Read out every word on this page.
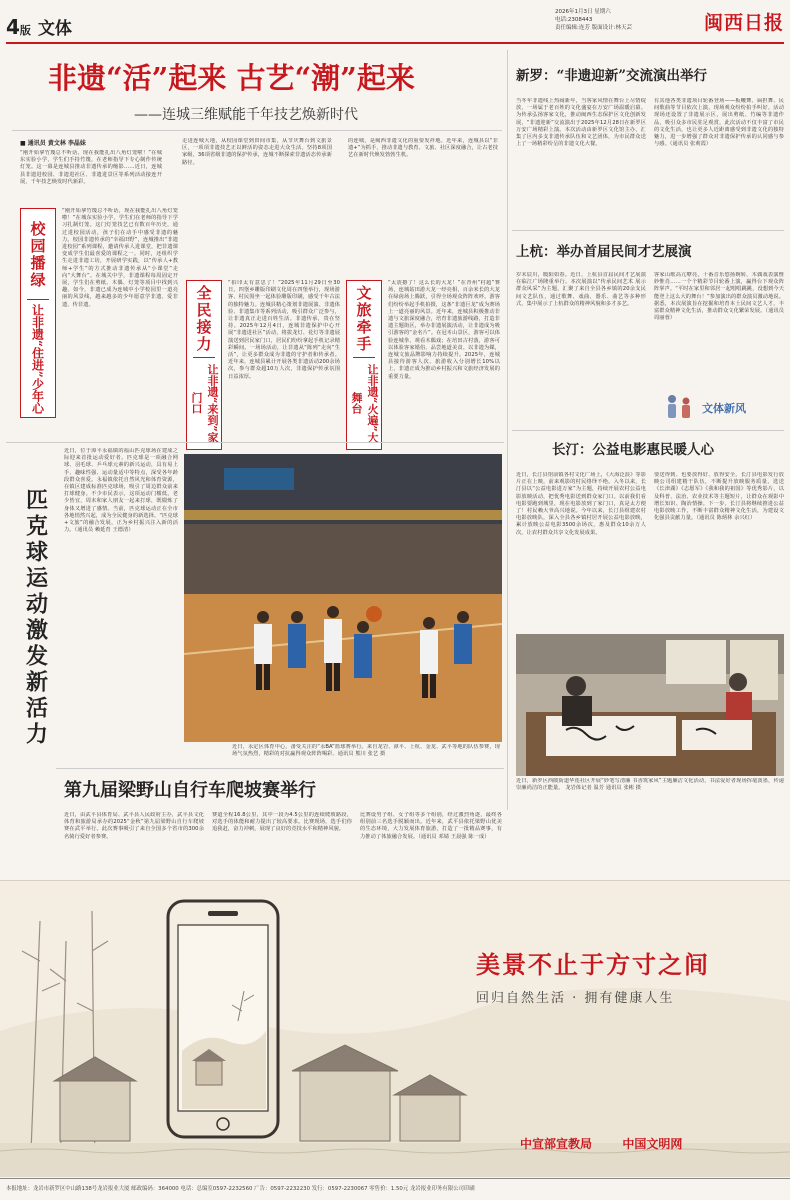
4版 文体
2026年1月3日 星期六
电话:2308443
责任编辑:连芳 版面设计:林天芸	闽西日报
非遗“活”起来 古艺“潮”起来
——连城三维赋能千年技艺焕新时代
■ 通讯员 黄文林 李晶妹
“刚开始拿竹篾总不听话，现在我能扎出八角灯笼啦！”在城东实验小学，学生们手持竹篾，在老师指导下专心制作传统灯笼。这一幕是连城县推动非遗传承的缩影……近日，连城县非遗进校园、非遗进社区、非遗进景区等系列活动接连开展，千年技艺焕发时代新彩。
走进连城大地，从校园课堂到田间市集，从节庆舞台到文旅景区，一项项非遗技艺正以鲜活的姿态走进大众生活。坚持8项国家级、36项省级非遗的保护传承，连城不断探索非遗活态传承新路径。
的连城，是闽西非遗文化的重要发祥地。近年来，连城县以“非遗+”为抓手，推动非遗与教育、文旅、社区深度融合，让古老技艺在新时代焕发勃勃生机。
校园播绿
让非遗“住进”少年心
“刚开始拿竹篾总不听话，现在我能扎出八角灯笼啦！”在城东实验小学，学生们在老师的指导下学习扎制灯笼。这门灯笼技艺已有数百年历史，通过进校园活动，孩子们在动手中感受非遗的魅力。校园非遗传承的“幸福田野”，连城推出“非遗进校园”系列课程，邀请传承人进课堂，把非遗课变成学生们最喜爱的课程之一。同时，还组织学生走进非遗工坊，开展研学实践，以“传承人+教师+学生”的方式推动非遗传承从“小课堂”走向“大舞台”。在城关中学，非遗课程每周固定开展，学生们在剪纸、木偶、灯笼等项目中找到兴趣。如今，非遗已成为连城中小学校园里一道亮丽的风景线，越来越多的少年愿意学非遗、爱非遗、传非遗。	全民接力
让非遗“来到”家门口
“拍印太有意思了！”2025年11月29日至30日，四堡乡雕版印刷文化周在四堡举行，现场游客、村民围坐一起体验雕版印刷，感受千年古法的独特魅力。连城县精心策划非遗展演、非遗体验、非遗集市等系列活动，吸引群众广泛参与，让非遗真正走进百姓生活。非遗传承，贵在坚持。2025年12月4日，连城非遗保护中心开展“非遗进社区”活动，将拔龙灯、花灯等非遗展演送到居民家门口，居民们纷纷拿起手机记录精彩瞬间。一场场活动，让非遗从“陈列”走向“生活”，让更多群众成为非遗的守护者和传承者。近年来，连城县累计开展各类非遗活动200余场次，参与群众超10万人次，非遗保护传承氛围日益浓厚。
文旅牵手
让非遗“火遍”大舞台
“太震撼了！这么长的大龙！”在青州“村超”赛场，连城姑田游大龙一经亮相，百余米长的大龙在绿茵场上腾跃，引得全场观众阵阵欢呼。游客们纷纷举起手机拍摄，这条“非遗巨龙”成为赛场上一道亮丽的风景。近年来，连城县积极推动非遗与文旅深度融合，培育非遗旅游线路，打造非遗主题街区，举办非遗展演活动，让非遗成为吸引游客的“金名片”。在冠豸山景区，游客可以体验连城拳、观看木偶戏；在培田古村落，游客可以体验客家婚俗、品尝地道美食。以非遗为媒，连城文旅品牌影响力持续提升。2025年，连城县接待游客人次、旅游收入分别增长10%以上，非遗正成为推动乡村振兴和文旅经济发展的重要力量。
新罗：“非遗迎新”交流演出举行
当冬年非遗线上热闹新年，当客家风情在舞台上尽情绽放，一场属于老百姓的文化盛宴在万安广场温暖启幕。为传承弘扬客家文化，推动闽西生态保护区文化创新发展，“非遗迎新”交流演出于2025年12月28日在新罗区万安广场精彩上演。本次活动由新罗区文化馆主办，汇集了区内多支非遗传承队伍和文艺团体，为市民群众送上了一场精彩纷呈的非遗文化大餐。
有其他各类非遗项目轮番登场——板鞭舞、扁担舞、民间歌曲等节目依次上演，现场观众纷纷拍手叫好。活动现场还设置了非遗展示区，展出剪纸、竹编等非遗作品，吸引众多市民驻足观赏。此次活动不仅丰富了市民的文化生活，也让更多人近距离感受到非遗文化的独特魅力，进一步增强了群众对非遗保护传承的认同感与参与感。（通讯员 张莉霞）
上杭：举办首届民间才艺展演
岁末辰川，暖阳如春。近日，上杭县首届民间才艺展演在临江广场隆重举行。本次展演以“传承民间艺术 展示群众风采”为主题，汇聚了来自全县各乡镇的20余支民间文艺队伍，通过歌舞、戏曲、器乐、曲艺等多种形式，集中展示了上杭群众的精神风貌和多才多艺。
客家山歌高亢嘹亮，十番音乐悠扬婉转，木偶戏表演惟妙惟肖……一个个精彩节目轮番上演，赢得台下观众阵阵掌声。“平时在家里和邻居一起唱唱跳跳，没想到今天能登上这么大的舞台！”参加演出的群众演员激动地说。据悉，本次展演旨在挖掘和培育本土民间文艺人才，丰富群众精神文化生活，推动群众文化繁荣发展。（通讯员 周丽蓉）
文体新风
长汀：公益电影惠民暖人心
近日，长汀县馆前镇各村文化广场上，《大海泛浪》等影片正在上映，前来观影的村民络绎不绝。入冬以来，长汀县以“公益电影进万家”为主题，持续开展农村公益电影放映活动，把优秀电影送到群众家门口。以前我们看电影要跑到城里，现在电影放到了家门口，真是太方便了！村民赖大爷高兴地说。今年以来，长汀县组建农村电影放映队，深入全县各乡镇村居开展公益电影放映，累计放映公益电影3500余场次，惠及群众10余万人次，让农村群众共享文化发展成果。
要送得到、也要放得好、放得安全。长汀县电影发行放映公司组建精干队伍，不断提升放映服务质量，选送《长津湖》《志愿军》《我和我的祖国》等优秀影片，以及科普、法治、农业技术等主题短片，让群众在观影中增长知识、陶冶情操。下一步，长汀县将继续推进公益电影放映工作，不断丰富群众精神文化生活，为建设文化强县贡献力量。（通讯员 陈炳林 余兴红）
近日，新罗区西陂街道华莲社区开展“妙笔写清廉 书香筑家风”主题廉洁文化活动，书法爱好者现场挥毫泼墨，传递崇廉尚洁的正能量。 龙岩体记者 温芳 通讯员 张彬 摄
匹克球运动激发新活力
近日，位于漳平永福镇的福山匹克球场在建成之际迎来首批运动爱好者。匹克球是一项融合网球、羽毛球、乒乓球元素的新兴运动，具有易上手、趣味性强、运动量适中等特点，深受各年龄段群众喜爱。永福镇依托自然风光和体育资源，在镇区建成标准匹克球场，吸引了周边群众前来打球健身。不少市民表示，这项运动门槛低，老少皆宜，周末和家人朋友一起来打球，既锻炼了身体又增进了感情。当前，匹克球运动正在全市各地悄然兴起，成为全民健身的新选择。“匹克球+文旅”的融合发展，正为乡村振兴注入新的活力。（通讯员 赖延育 王德清）
近日，永定区体育中心，备受关注的“永BA”篮球赛举行。来自龙岩、漳平、上杭、金龙、武平等地的队伍参赛，现场气氛热烈，精彩的对抗赢得观众阵阵喝彩。通讯员 熊川 张艺 摄
第九届梁野山自行车爬坡赛举行
近日，由武平县体育局、武平县人民政府主办，武平县文化体育和旅游局承办的2025“金秋”第九届梁野山自行车爬坡赛在武平举行。此次赛事吸引了来自全国多个省市的300余名骑行爱好者参赛。
赛道全程16.8公里，其中一段为4.5公里的连续爬坡路段，对选手的体能和耐力提出了较高要求。比赛现场，选手们你追我赶，奋力冲刺，展现了良好的竞技水平和精神风貌。
比赛设男子组、女子组等多个组别，经过激烈角逐，最终各组别前三名选手脱颖而出。近年来，武平县依托梁野山优美的生态环境，大力发展体育旅游，打造了一批精品赛事，有力推动了体旅融合发展。（通讯员 邓婧 王晨强 陈一成）
美景不止于方寸之间
回归自然生活 · 拥有健康人生
中宣部宣教局	中国文明网
本报地址：龙岩市新罗区中山路138号龙岩报业大厦 邮政编码：364000 电话：总编室0597-2232560 广告：0597-2232230 发行：0597-2230067 零售价：1.50元 龙岩报业印务有限公司印刷
